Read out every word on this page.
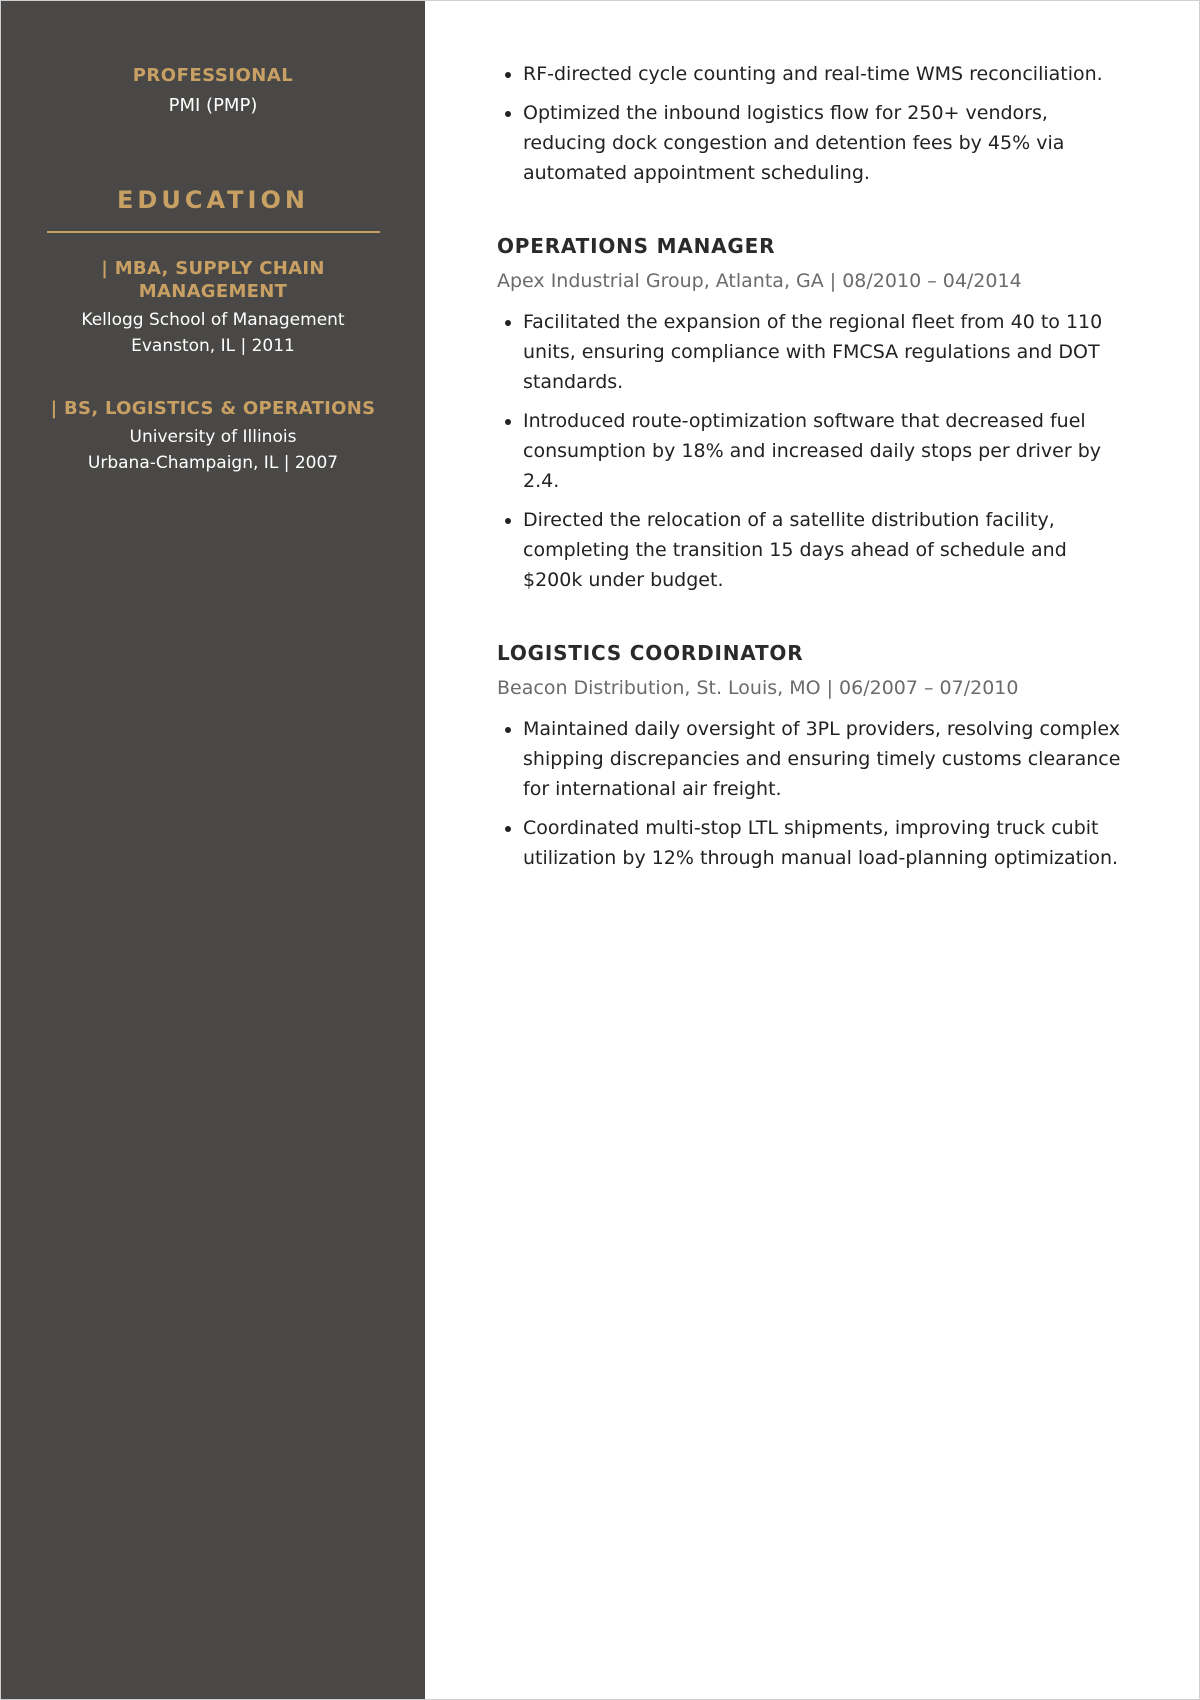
PROFESSIONAL
PMI (PMP)
EDUCATION
| MBA, SUPPLY CHAIN MANAGEMENT
Kellogg School of Management
Evanston, IL | 2011
| BS, LOGISTICS & OPERATIONS
University of Illinois
Urbana-Champaign, IL | 2007
• RF-directed cycle counting and real-time WMS reconciliation.
• Optimized the inbound logistics flow for 250+ vendors, reducing dock congestion and detention fees by 45% via automated appointment scheduling.
OPERATIONS MANAGER
Apex Industrial Group, Atlanta, GA | 08/2010 – 04/2014
• Facilitated the expansion of the regional fleet from 40 to 110 units, ensuring compliance with FMCSA regulations and DOT standards.
• Introduced route-optimization software that decreased fuel consumption by 18% and increased daily stops per driver by 2.4.
• Directed the relocation of a satellite distribution facility, completing the transition 15 days ahead of schedule and $200k under budget.
LOGISTICS COORDINATOR
Beacon Distribution, St. Louis, MO | 06/2007 – 07/2010
• Maintained daily oversight of 3PL providers, resolving complex shipping discrepancies and ensuring timely customs clearance for international air freight.
• Coordinated multi-stop LTL shipments, improving truck cubit utilization by 12% through manual load-planning optimization.
